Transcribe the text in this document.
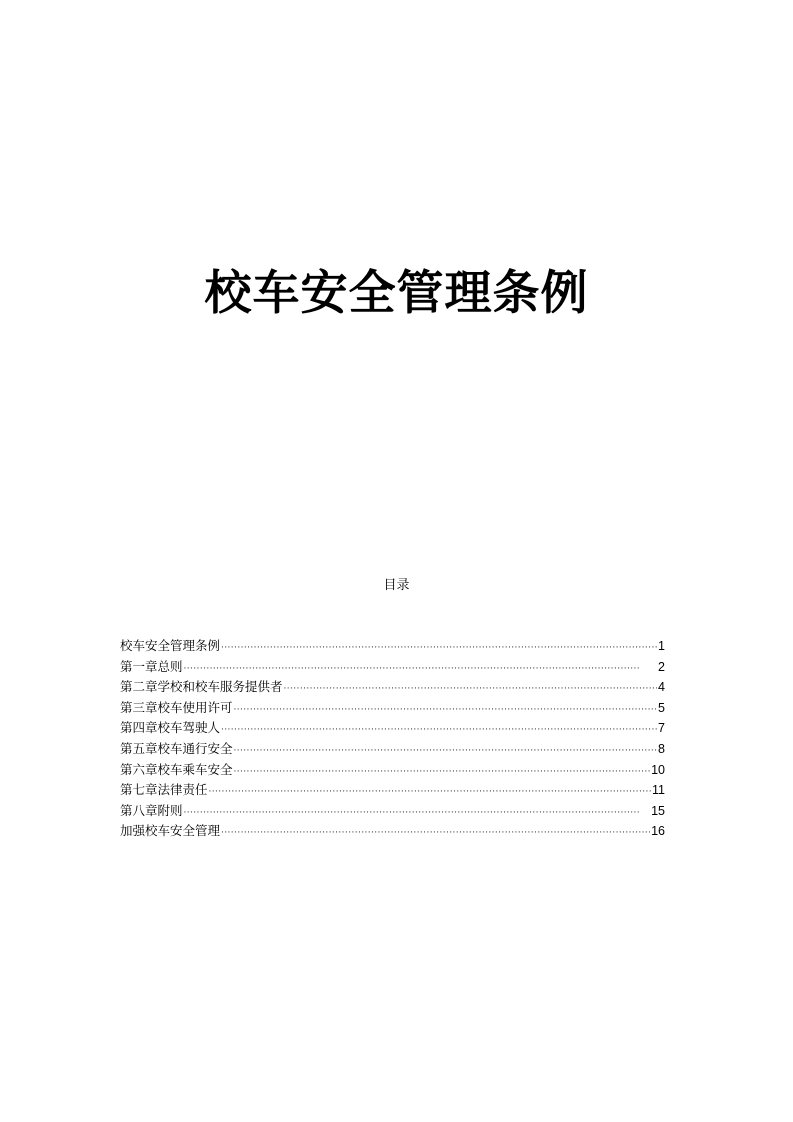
校车安全管理条例
目录
校车安全管理条例 ·····	1
第一章总则 ·····	2
第二章学校和校车服务提供者 ·····	4
第三章校车使用许可 ·····	5
第四章校车驾驶人 ·····	7
第五章校车通行安全 ·····	8
第六章校车乘车安全 ·····	10
第七章法律责任 ·····	11
第八章附则 ·····	15
加强校车安全管理 ·····	16
